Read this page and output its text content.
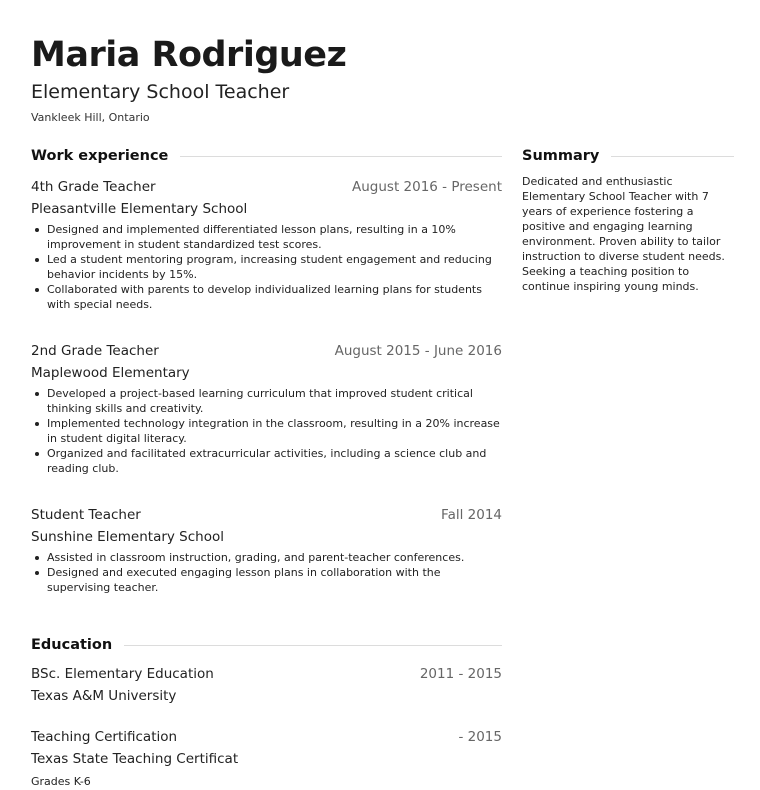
Maria Rodriguez
Elementary School Teacher
Vankleek Hill, Ontario
Work experience
4th Grade Teacher	August 2016 - Present
Pleasantville Elementary School
Designed and implemented differentiated lesson plans, resulting in a 10% improvement in student standardized test scores.
Led a student mentoring program, increasing student engagement and reducing behavior incidents by 15%.
Collaborated with parents to develop individualized learning plans for students with special needs.
2nd Grade Teacher	August 2015 - June 2016
Maplewood Elementary
Developed a project-based learning curriculum that improved student critical thinking skills and creativity.
Implemented technology integration in the classroom, resulting in a 20% increase in student digital literacy.
Organized and facilitated extracurricular activities, including a science club and reading club.
Student Teacher	Fall 2014
Sunshine Elementary School
Assisted in classroom instruction, grading, and parent-teacher conferences.
Designed and executed engaging lesson plans in collaboration with the supervising teacher.
Education
BSc. Elementary Education	2011 - 2015
Texas A&M University
Teaching Certification	- 2015
Texas State Teaching Certificat
Grades K-6
Summary
Dedicated and enthusiastic Elementary School Teacher with 7 years of experience fostering a positive and engaging learning environment. Proven ability to tailor instruction to diverse student needs. Seeking a teaching position to continue inspiring young minds.
